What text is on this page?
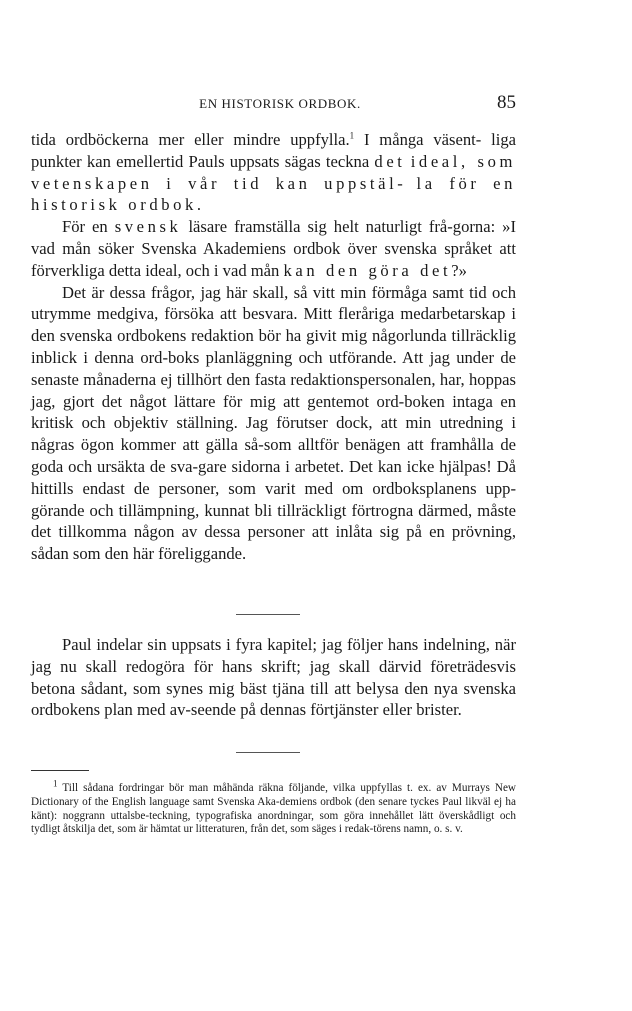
EN HISTORISK ORDBOK.	85

tida ordböckerna mer eller mindre uppfylla.$^1$ I många väsent- liga punkter kan emellertid Pauls uppsats sägas teckna det ideal, som vetenskapen i vår tid kan uppstäl- la för en historisk ordbok.

För en svensk läsare framställa sig helt naturligt frå-gorna: »I vad mån söker Svenska Akademiens ordbok över svenska språket att förverkliga detta ideal, och i vad mån kan den göra det?»

Det är dessa frågor, jag här skall, så vitt min förmåga samt tid och utrymme medgiva, försöka att besvara. Mitt fleråriga medarbetarskap i den svenska ordbokens redaktion bör ha givit mig någorlunda tillräcklig inblick i denna ord-boks planläggning och utförande. Att jag under de senaste månaderna ej tillhört den fasta redaktionspersonalen, har, hoppas jag, gjort det något lättare för mig att gentemot ord-boken intaga en kritisk och objektiv ställning. Jag förutser dock, att min utredning i någras ögon kommer att gälla så-som alltför benägen att framhålla de goda och ursäkta de sva-gare sidorna i arbetet. Det kan icke hjälpas! Då hittills endast de personer, som varit med om ordboksplanens upp-görande och tillämpning, kunnat bli tillräckligt förtrogna därmed, måste det tillkomma någon av dessa personer att inlåta sig på en prövning, sådan som den här föreliggande.

Paul indelar sin uppsats i fyra kapitel; jag följer hans indelning, när jag nu skall redogöra för hans skrift; jag skall därvid företrädesvis betona sådant, som synes mig bäst tjäna till att belysa den nya svenska ordbokens plan med av-seende på dennas förtjänster eller brister.

$^1$ Till sådana fordringar bör man måhända räkna följande, vilka uppfyllas t. ex. av Murrays New Dictionary of the English language samt Svenska Aka-demiens ordbok (den senare tyckes Paul likväl ej ha känt): noggrann uttalsbe-teckning, typografiska anordningar, som göra innehållet lätt överskådligt och tydligt åtskilja det, som är hämtat ur litteraturen, från det, som säges i redak-törens namn, o. s. v.
